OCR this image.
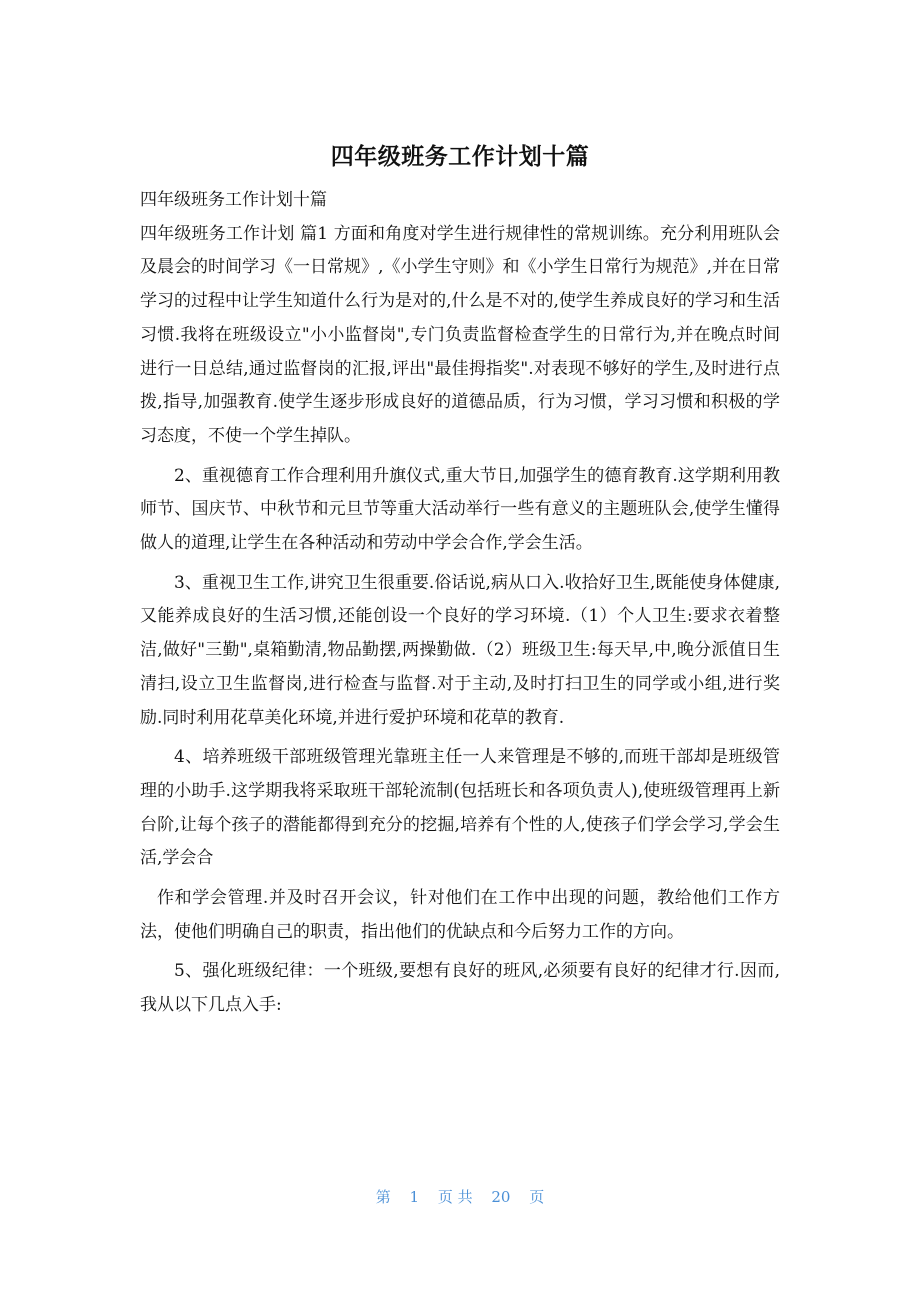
四年级班务工作计划十篇

四年级班务工作计划十篇

四年级班务工作计划 篇1 方面和角度对学生进行规律性的常规训练。充分利用班队会及晨会的时间学习《一日常规》,《小学生守则》和《小学生日常行为规范》,并在日常学习的过程中让学生知道什么行为是对的,什么是不对的,使学生养成良好的学习和生活习惯.我将在班级设立"小小监督岗",专门负责监督检查学生的日常行为,并在晚点时间进行一日总结,通过监督岗的汇报,评出"最佳拇指奖".对表现不够好的学生,及时进行点拨,指导,加强教育.使学生逐步形成良好的道德品质，行为习惯，学习习惯和积极的学习态度，不使一个学生掉队。

2、重视德育工作合理利用升旗仪式,重大节日,加强学生的德育教育.这学期利用教师节、国庆节、中秋节和元旦节等重大活动举行一些有意义的主题班队会,使学生懂得做人的道理,让学生在各种活动和劳动中学会合作,学会生活。

3、重视卫生工作,讲究卫生很重要.俗话说,病从口入.收拾好卫生,既能使身体健康,又能养成良好的生活习惯,还能创设一个良好的学习环境.（1）个人卫生:要求衣着整洁,做好"三勤",桌箱勤清,物品勤摆,两操勤做.（2）班级卫生:每天早,中,晚分派值日生清扫,设立卫生监督岗,进行检查与监督.对于主动,及时打扫卫生的同学或小组,进行奖励.同时利用花草美化环境,并进行爱护环境和花草的教育.

4、培养班级干部班级管理光靠班主任一人来管理是不够的,而班干部却是班级管理的小助手.这学期我将采取班干部轮流制(包括班长和各项负责人),使班级管理再上新台阶,让每个孩子的潜能都得到充分的挖掘,培养有个性的人,使孩子们学会学习,学会生活,学会合

作和学会管理.并及时召开会议，针对他们在工作中出现的问题，教给他们工作方法，使他们明确自己的职责，指出他们的优缺点和今后努力工作的方向。

5、强化班级纪律：一个班级,要想有良好的班风,必须要有良好的纪律才行.因而,我从以下几点入手:

第 1 页 共 20 页
